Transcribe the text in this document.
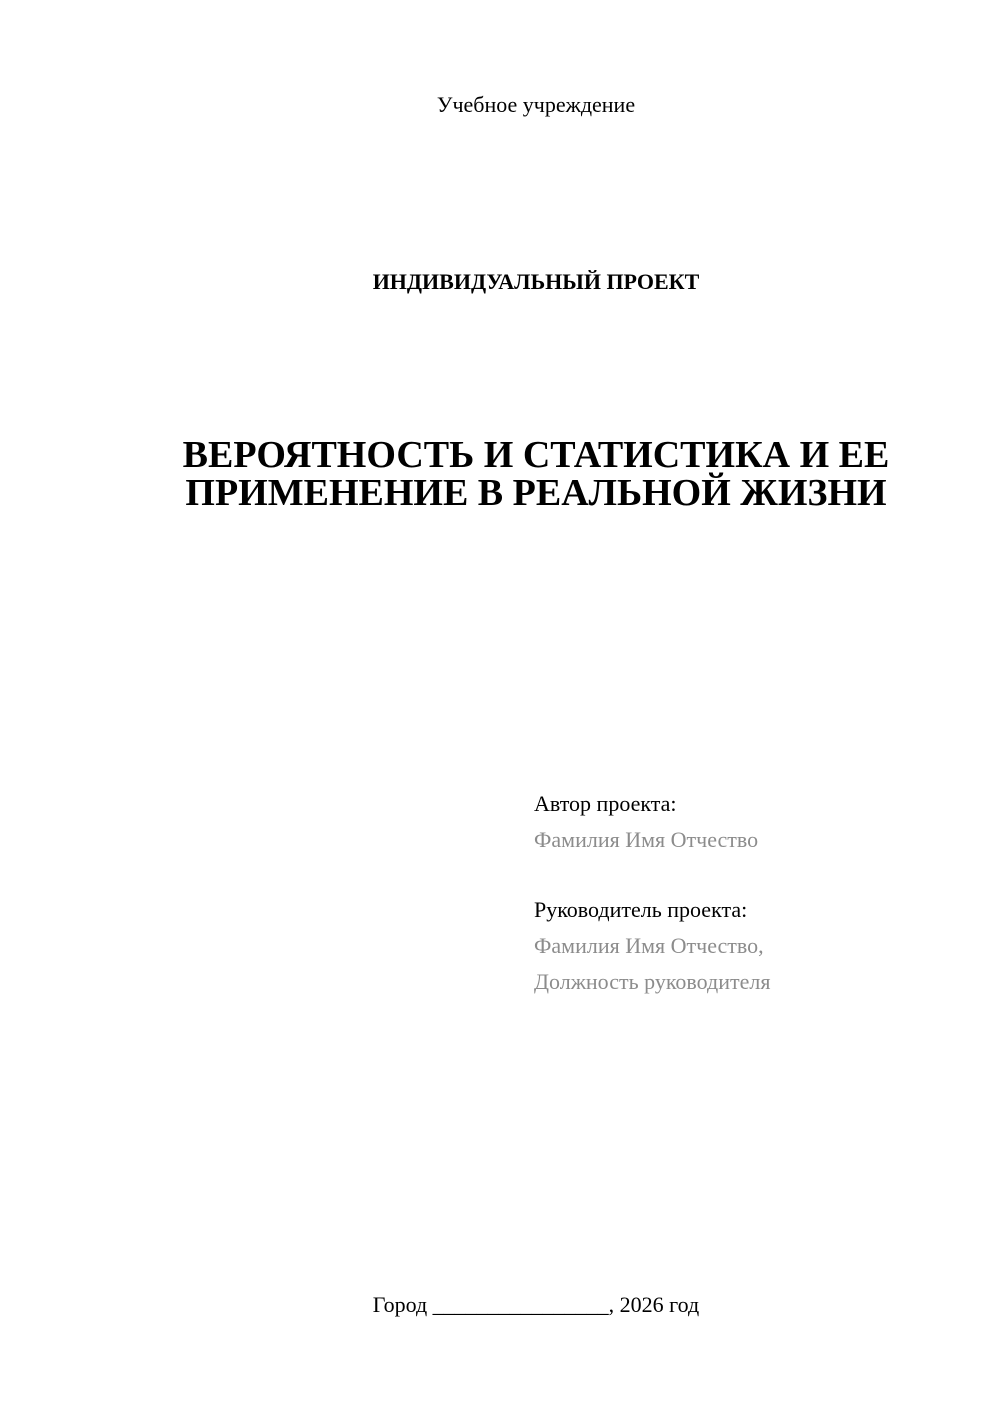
Учебное учреждение
ИНДИВИДУАЛЬНЫЙ ПРОЕКТ
ВЕРОЯТНОСТЬ И СТАТИСТИКА И ЕЕ
ПРИМЕНЕНИЕ В РЕАЛЬНОЙ ЖИЗНИ
Автор проекта:
Фамилия Имя Отчество
Руководитель проекта:
Фамилия Имя Отчество,
Должность руководителя
Город ________________, 2026 год
